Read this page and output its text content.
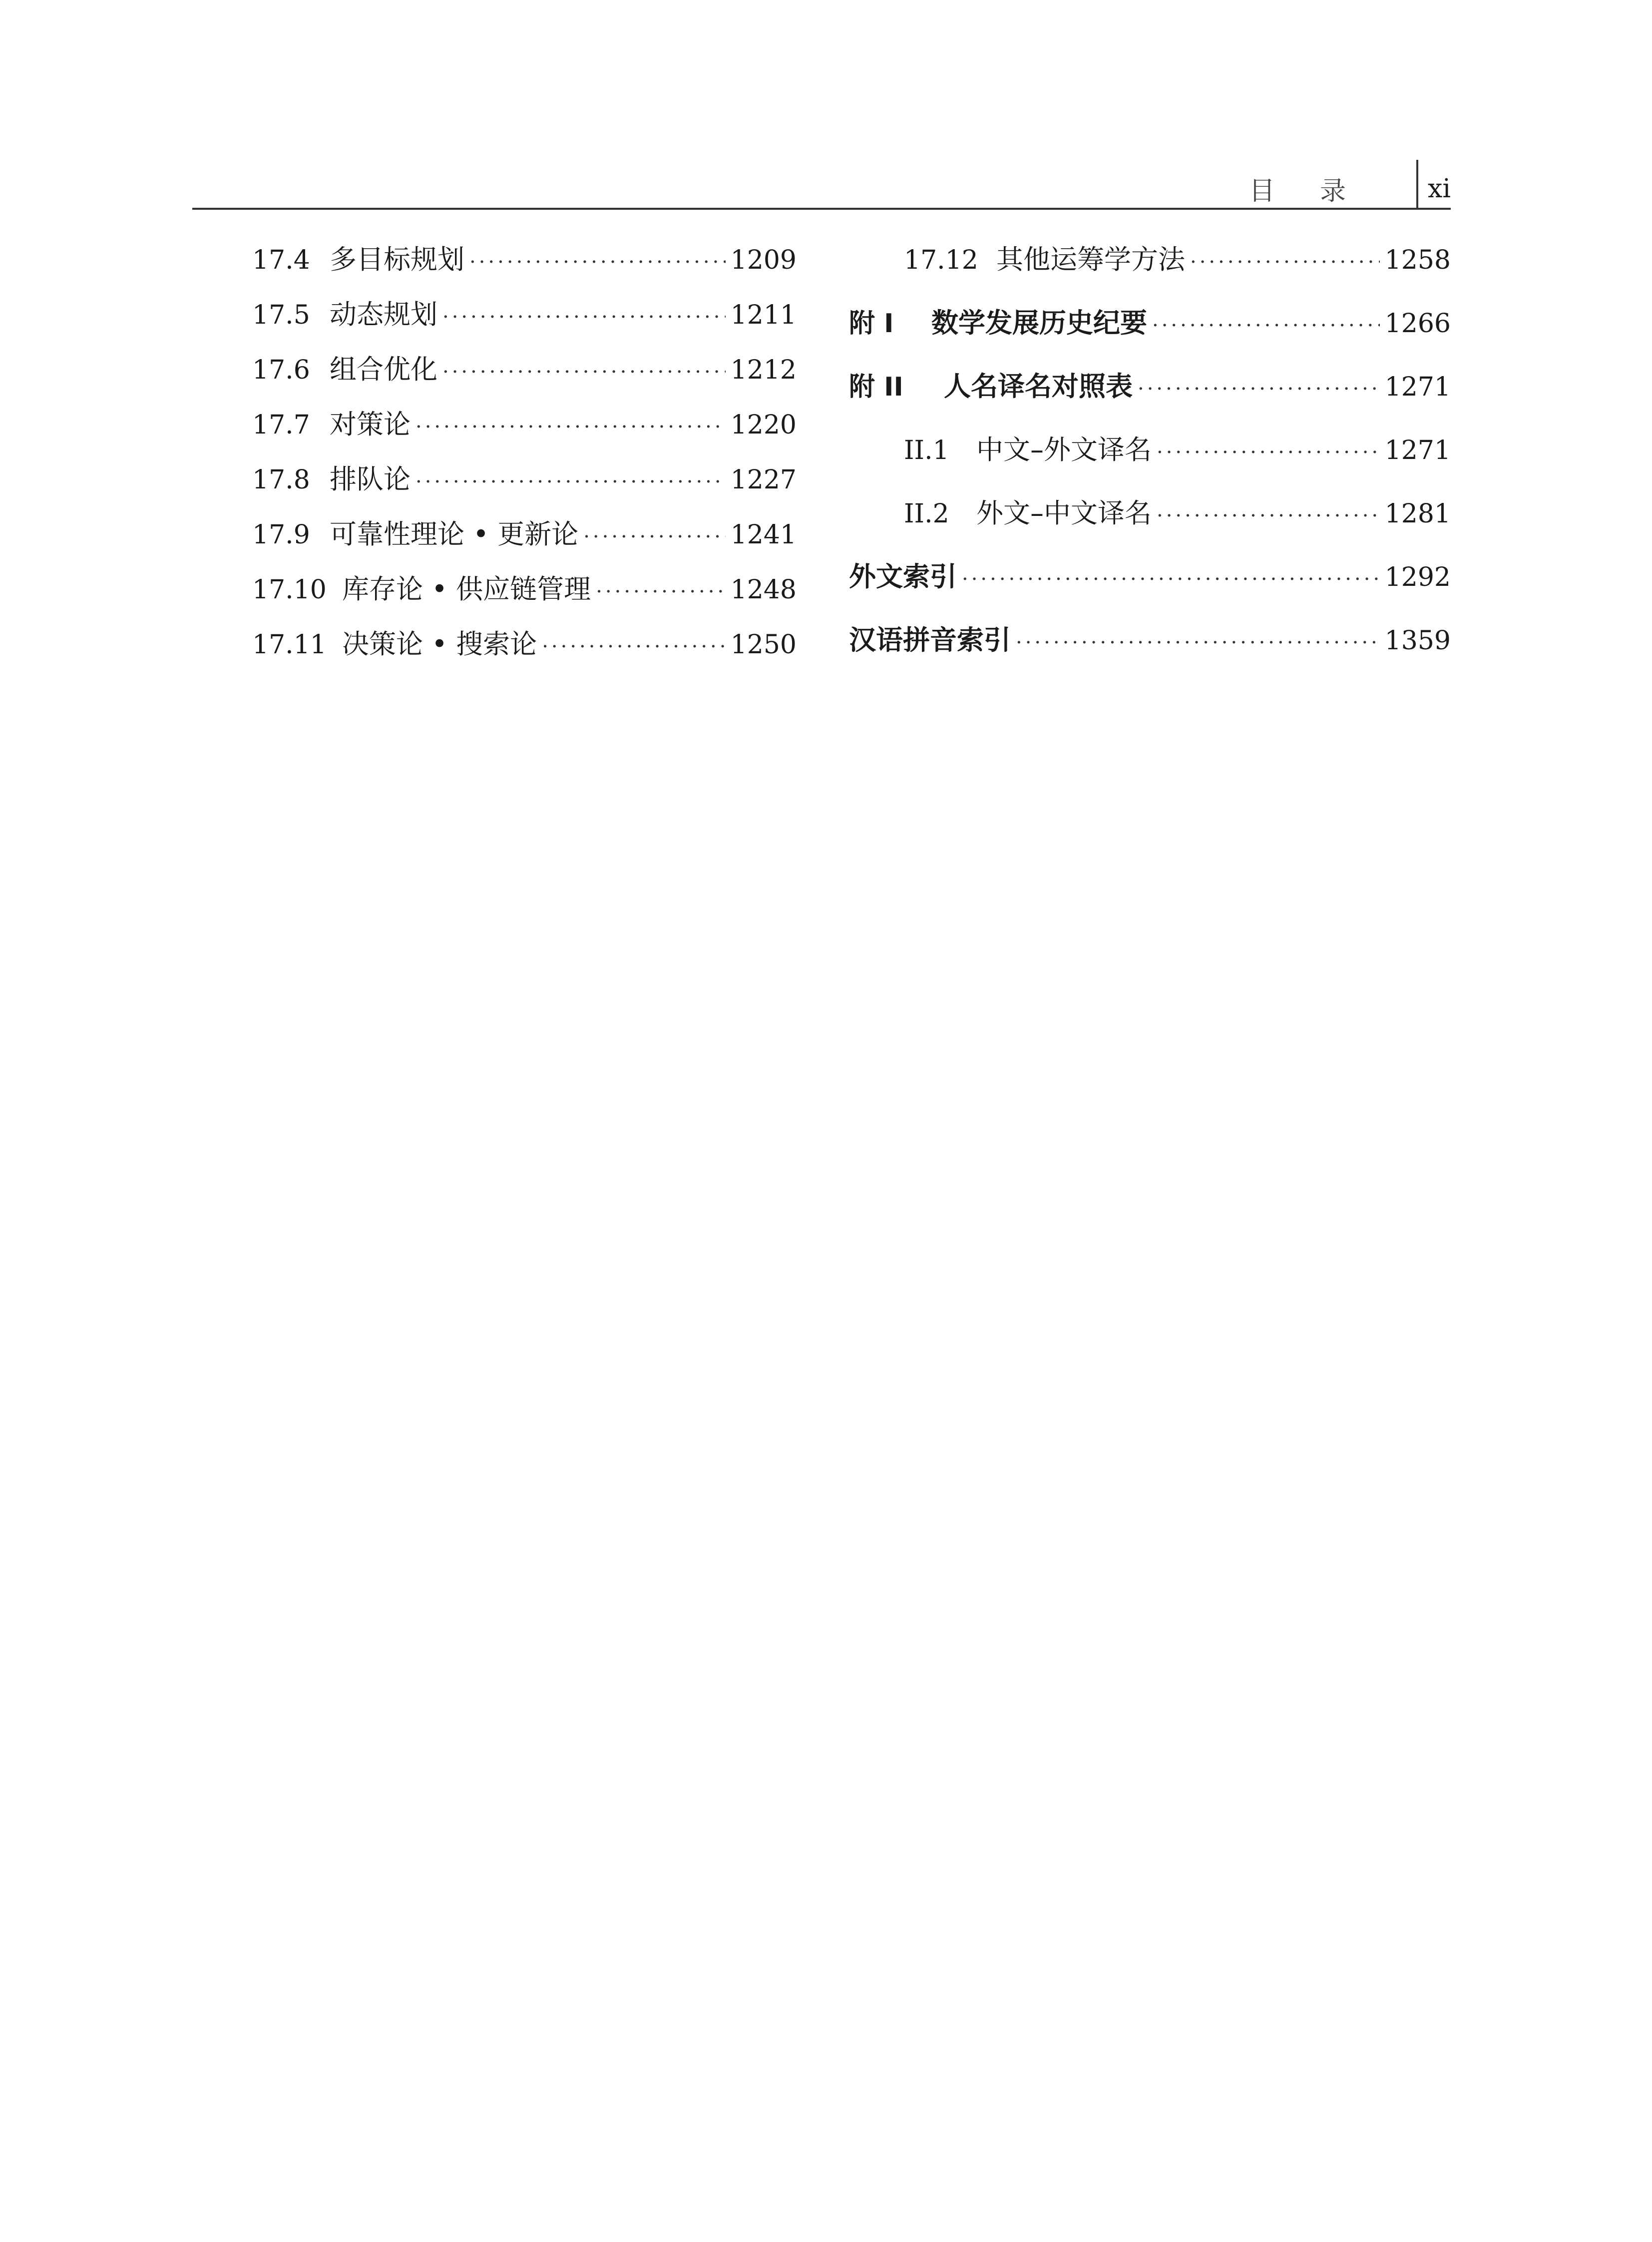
目录 xi
17.4 多目标规划 ·····	1209
17.5 动态规划 ·····	1211
17.6 组合优化 ·····	1212
17.7 对策论 ·····	1220
17.8 排队论 ·····	1227
17.9 可靠性理论 • 更新论 ·····	1241
17.10 库存论 • 供应链管理 ·····	1248
17.11 决策论 • 搜索论 ·····	1250
17.12 其他运筹学方法 ·····	1258
附 I	数学发展历史纪要 ·····	1266
附 II	人名译名对照表 ·····	1271
II.1	中文–外文译名 ·····	1271
II.2	外文–中文译名 ·····	1281
外文索引 ·····	1292
汉语拼音索引 ·····	1359
